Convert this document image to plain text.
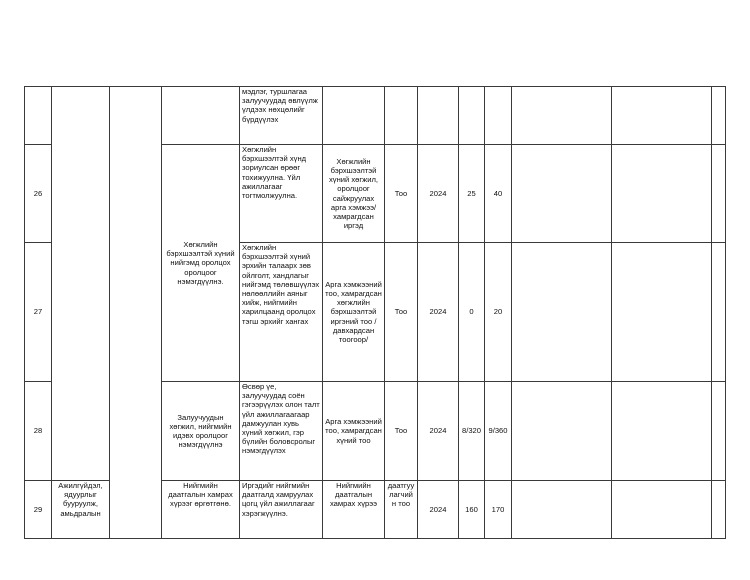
				мэдлэг, туршлагаа залуучуудад өвлүүлж үлдээх нөхцөлийг бүрдүүлэх								
26			Хөгжлийн бэрхшээлтэй хүний нийгэмд оролцох оролцоог нэмэгдүүлнэ.	Хөгжлийн бэрхшээлтэй хүнд зориулсан өрөөг тохижуулна. Үйл ажиллагааг тогтмолжуулна.	Хөгжлийн бэрхшээлтэй хүний хөгжил, оролцоог сайжруулах арга хэмжээ/ хамрагдсан иргэд	Тоо	2024	25	40			
27				Хөгжлийн бэрхшээлтэй хүний эрхийн талаарх зөв ойлголт, хандлагыг нийгэмд төлөвшүүлэх нөлөөллийн аяныг хийж, нийгмийн харилцаанд оролцох тэгш эрхийг хангах	Арга хэмжээний тоо, хамрагдсан хөгжлийн бэрхшээлтэй иргэний тоо /давхардсан тоогоор/	Тоо	2024	0	20			
28			Залуучуудын хөгжил, нийгмийн идэвх оролцоог нэмэгдүүлнэ	Өсвөр үе, залуучуудад соён гэгээрүүлэх олон талт үйл ажиллагаагаар дамжуулан хувь хүний хөгжил, гэр бүлийн боловсролыг нэмэгдүүлэх	Арга хэмжээний тоо, хамрагдсан хүний тоо	Тоо	2024	8/320	9/360			
29	Ажилгүйдэл, ядуурлыг бууруулж, амьдралын		Нийгмийн даатгалын хамрах хүрээг өргөтгөнө.	Иргэдийг нийгмийн даатгалд хамруулах цогц үйл ажиллагааг хэрэгжүүлнэ.	Нийгмийн даатгалын хамрах хүрээ	даатгуулагчийн тоо	2024	160	170			
